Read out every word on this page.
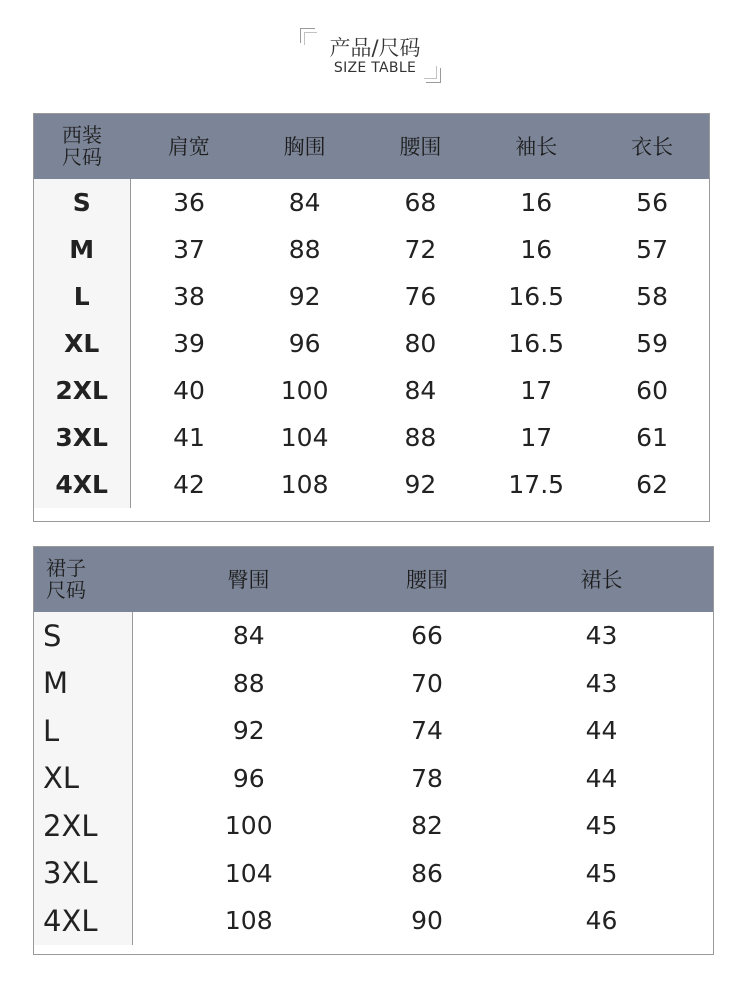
产品/尺码
SIZE TABLE
西装
尺码	肩宽	胸围	腰围	袖长	衣长
S	36	84	68	16	56
M	37	88	72	16	57
L	38	92	76	16.5	58
XL	39	96	80	16.5	59
2XL	40	100	84	17	60
3XL	41	104	88	17	61
4XL	42	108	92	17.5	62
裙子
尺码	臀围	腰围	裙长
S	84	66	43
M	88	70	43
L	92	74	44
XL	96	78	44
2XL	100	82	45
3XL	104	86	45
4XL	108	90	46
